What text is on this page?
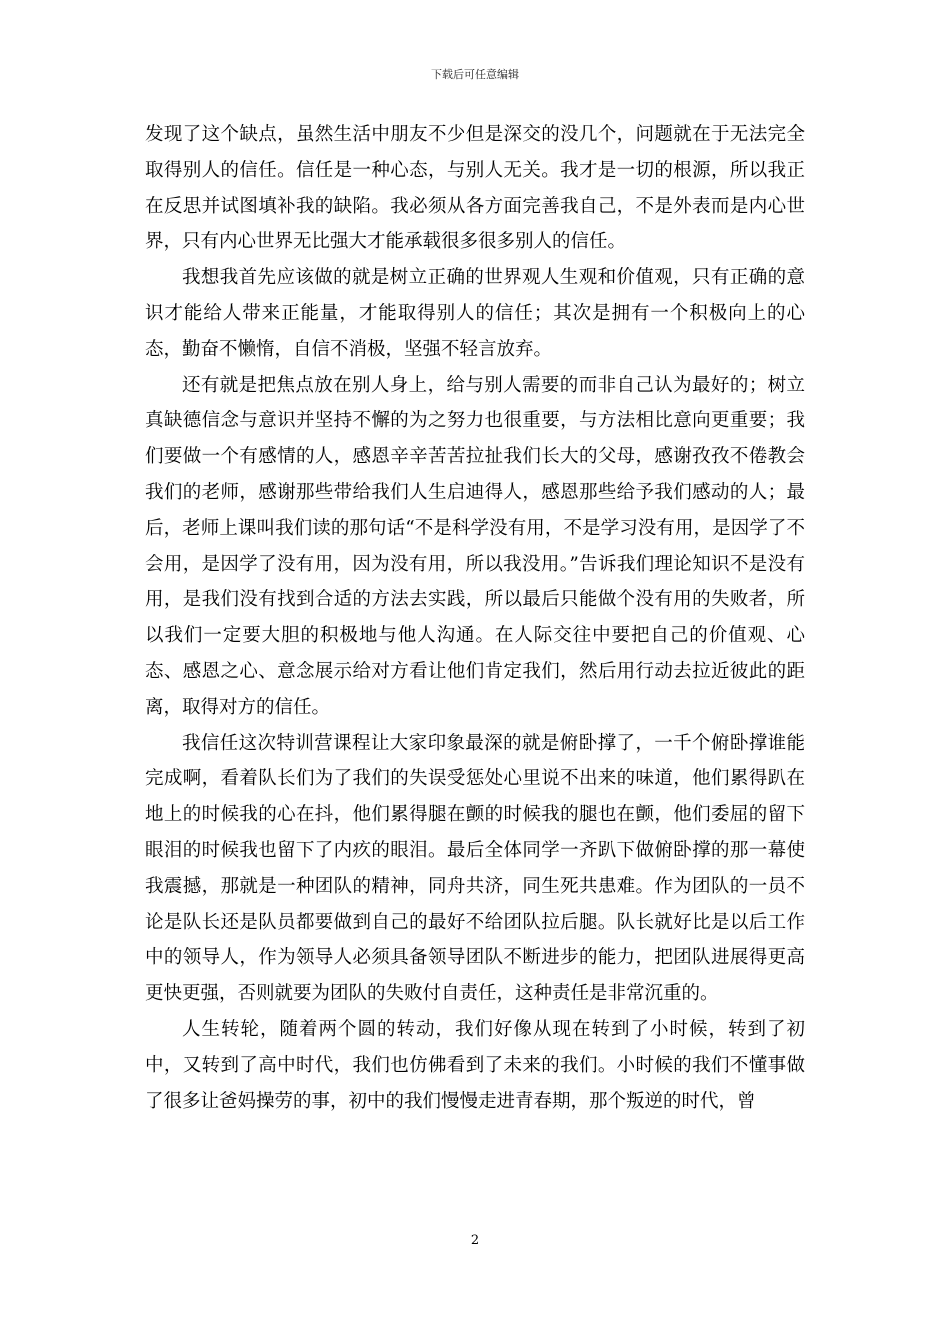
下载后可任意编辑

发现了这个缺点，虽然生活中朋友不少但是深交的没几个，问题就在于无法完全取得别人的信任。信任是一种心态，与别人无关。我才是一切的根源，所以我正在反思并试图填补我的缺陷。我必须从各方面完善我自己，不是外表而是内心世界，只有内心世界无比强大才能承载很多很多别人的信任。

我想我首先应该做的就是树立正确的世界观人生观和价值观，只有正确的意识才能给人带来正能量，才能取得别人的信任；其次是拥有一个积极向上的心态，勤奋不懒惰，自信不消极，坚强不轻言放弃。

还有就是把焦点放在别人身上，给与别人需要的而非自己认为最好的；树立真缺德信念与意识并坚持不懈的为之努力也很重要，与方法相比意向更重要；我们要做一个有感情的人，感恩辛辛苦苦拉扯我们长大的父母，感谢孜孜不倦教会我们的老师，感谢那些带给我们人生启迪得人，感恩那些给予我们感动的人；最后，老师上课叫我们读的那句话“不是科学没有用，不是学习没有用，是因学了不会用，是因学了没有用，因为没有用，所以我没用。”告诉我们理论知识不是没有用，是我们没有找到合适的方法去实践，所以最后只能做个没有用的失败者，所以我们一定要大胆的积极地与他人沟通。在人际交往中要把自己的价值观、心态、感恩之心、意念展示给对方看让他们肯定我们，然后用行动去拉近彼此的距离，取得对方的信任。

我信任这次特训营课程让大家印象最深的就是俯卧撑了，一千个俯卧撑谁能完成啊，看着队长们为了我们的失误受惩处心里说不出来的味道，他们累得趴在地上的时候我的心在抖，他们累得腿在颤的时候我的腿也在颤，他们委屈的留下眼泪的时候我也留下了内疚的眼泪。最后全体同学一齐趴下做俯卧撑的那一幕使我震撼，那就是一种团队的精神，同舟共济，同生死共患难。作为团队的一员不论是队长还是队员都要做到自己的最好不给团队拉后腿。队长就好比是以后工作中的领导人，作为领导人必须具备领导团队不断进步的能力，把团队进展得更高更快更强，否则就要为团队的失败付自责任，这种责任是非常沉重的。

人生转轮，随着两个圆的转动，我们好像从现在转到了小时候，转到了初中，又转到了高中时代，我们也仿佛看到了未来的我们。小时候的我们不懂事做了很多让爸妈操劳的事，初中的我们慢慢走进青春期，那个叛逆的时代，曾

2
